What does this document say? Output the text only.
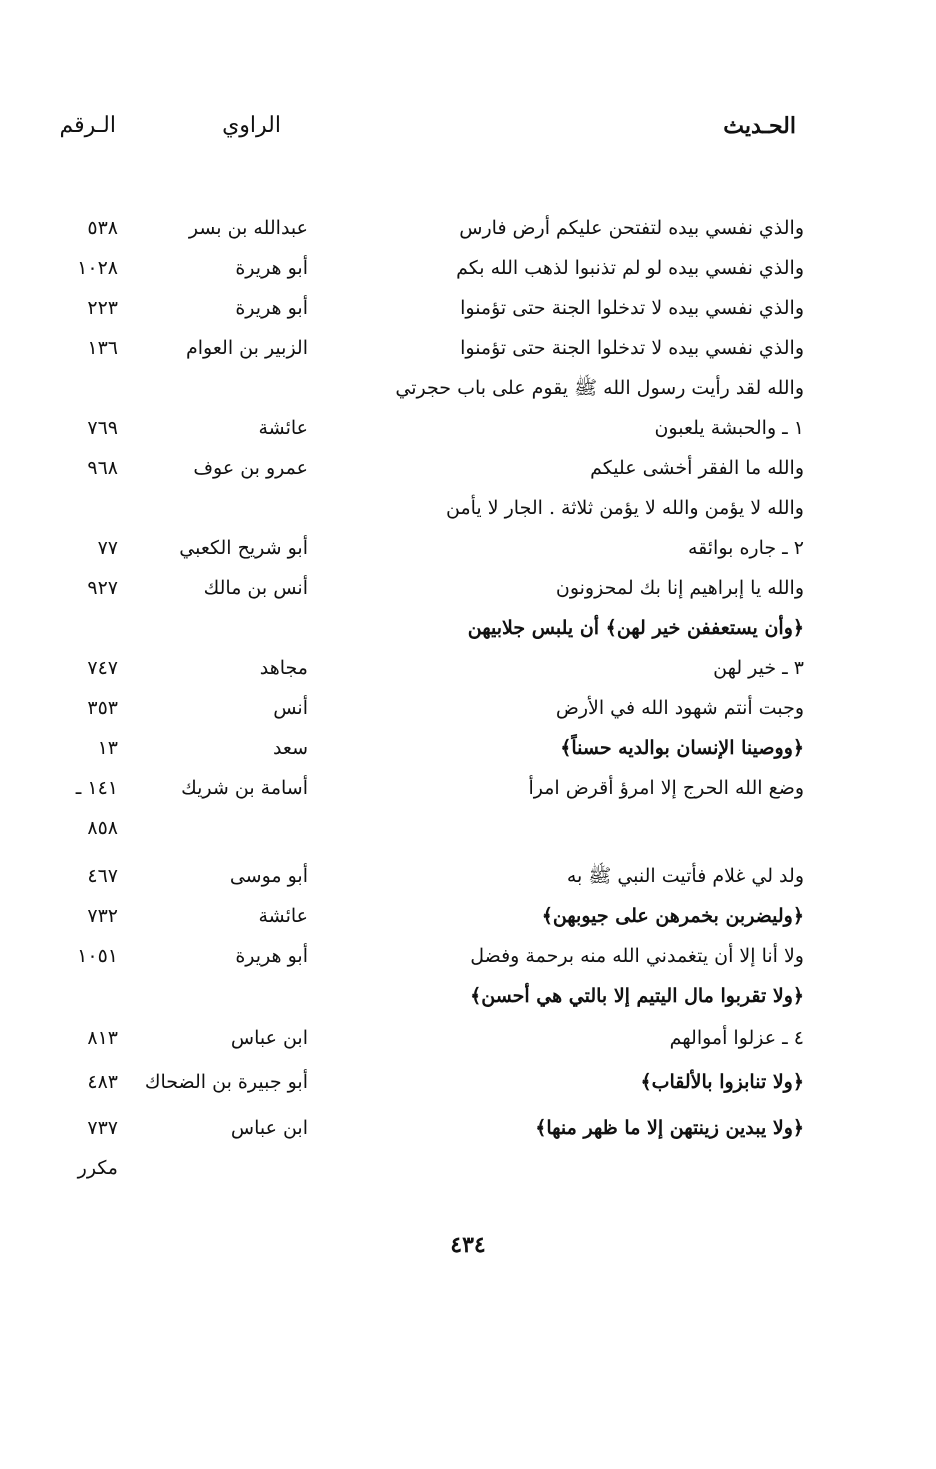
الحـديث
الراوي
الـرقم
والذي نفسي بيده لتفتحن عليكم أرض فارس
عبدالله بن بسر
٥٣٨
والذي نفسي بيده لو لم تذنبوا لذهب الله بكم
أبو هريرة
١٠٢٨
والذي نفسي بيده لا تدخلوا الجنة حتى تؤمنوا
أبو هريرة
٢٢٣
والذي نفسي بيده لا تدخلوا الجنة حتى تؤمنوا
الزبير بن العوام
١٣٦
والله لقد رأيت رسول الله ﷺ يقوم على باب حجرتي
١ ـ والحبشة يلعبون
عائشة
٧٦٩
والله ما الفقر أخشى عليكم
عمرو بن عوف
٩٦٨
والله لا يؤمن والله لا يؤمن ثلاثة . الجار لا يأمن
٢ ـ جاره بوائقه
أبو شريح الكعبي
٧٧
والله يا إبراهيم إنا بك لمحزونون
أنس بن مالك
٩٢٧
﴿وأن يستعففن خير لهن﴾ أن يلبس جلابيهن
٣ ـ خير لهن
مجاهد
٧٤٧
وجبت أنتم شهود الله في الأرض
أنس
٣٥٣
﴿ووصينا الإنسان بوالديه حسناً﴾
سعد
١٣
وضع الله الحرج إلا امرؤ أقرض امرأ
أسامة بن شريك
١٤١ ـ
٨٥٨
ولد لي غلام فأتيت النبي ﷺ به
أبو موسى
٤٦٧
﴿وليضربن بخمرهن على جيوبهن﴾
عائشة
٧٣٢
ولا أنا إلا أن يتغمدني الله منه برحمة وفضل
أبو هريرة
١٠٥١
﴿ولا تقربوا مال اليتيم إلا بالتي هي أحسن﴾
٤ ـ عزلوا أموالهم
ابن عباس
٨١٣
﴿ولا تنابزوا بالألقاب﴾
أبو جبيرة بن الضحاك
٤٨٣
﴿ولا يبدين زينتهن إلا ما ظهر منها﴾
ابن عباس
٧٣٧
مكرر
٤٣٤
